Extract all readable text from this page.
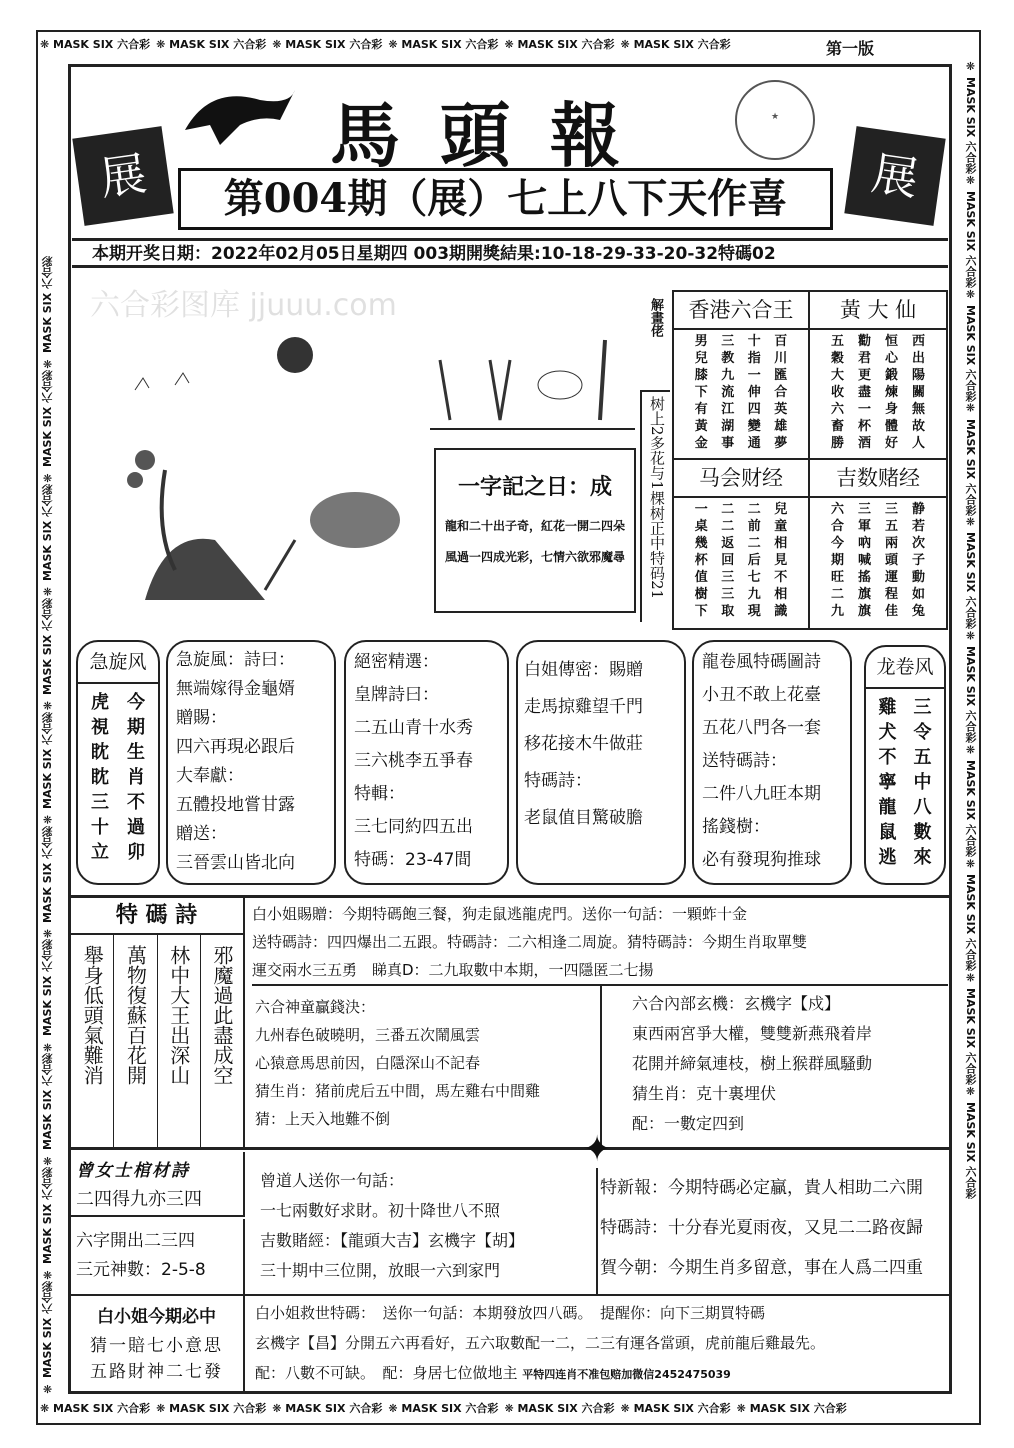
❋ MASK SIX 六合彩 ❋ MASK SIX 六合彩 ❋ MASK SIX 六合彩 ❋ MASK SIX 六合彩 ❋ MASK SIX 六合彩 ❋ MASK SIX 六合彩
❋ MASK SIX 六合彩 ❋ MASK SIX 六合彩 ❋ MASK SIX 六合彩 ❋ MASK SIX 六合彩 ❋ MASK SIX 六合彩 ❋ MASK SIX 六合彩 ❋ MASK SIX 六合彩
❋ MASK SIX 六合彩❋ MASK SIX 六合彩❋ MASK SIX 六合彩❋ MASK SIX 六合彩❋ MASK SIX 六合彩❋ MASK SIX 六合彩❋ MASK SIX 六合彩❋ MASK SIX 六合彩❋ MASK SIX 六合彩❋ MASK SIX 六合彩
❋ MASK SIX 六合彩❋ MASK SIX 六合彩❋ MASK SIX 六合彩❋ MASK SIX 六合彩❋ MASK SIX 六合彩❋ MASK SIX 六合彩❋ MASK SIX 六合彩❋ MASK SIX 六合彩❋ MASK SIX 六合彩❋ MASK SIX 六合彩
第一版
馬頭報	★
展	展
第004期（展）七上八下天作喜
本期开奖日期：2022年02月05日星期四 003期開獎結果:10-18-29-33-20-32特碼02
六合彩图库 jjuuu.com
一字記之日：成
龍和二十出子奇，紅花一開二四朵
風過一四成光彩，七情六欲邪魔尋
解畫佬
树上2多花与1棵树正中特码21
香港六合王
男	三	十	百
兒	教	指	川
膝	九	一	匯
下	流	伸	合
有	江	四	英
黃	湖	變	雄
金	事	通	夢
黃 大 仙
五	勸	恒	西
穀	君	心	出
大	更	鍛	陽
收	盡	煉	關
六	一	身	無
畜	杯	體	故
勝	酒	好	人
马会财经
一	二	二	兒
桌	二	前	童
幾	返	二	相
杯	回	后	見
值	三	七	不
樹	三	九	相
下	取	現	識
吉数赌经
六	三	三	静
合	軍	五	若
今	吶	兩	次
期	喊	頭	子
旺	搖	運	動
二	旗	程	如
九	旗	佳	兔
急旋风
虎	今
視	期
眈	生
眈	肖
三	不
十	過
立	卯
急旋風：詩曰：
無端嫁得金龜婿
贈賜：
四六再現必跟后
大奉獻：
五體投地嘗甘露
贈送：
三晉雲山皆北向
絕密精選：
皇牌詩曰：
二五山青十水秀
三六桃李五爭春
特輯：
三七同約四五出
特碼：23-47間
白姐傳密：賜贈
走馬掠雞望千門
移花接木牛做莊
特碼詩：
老鼠值目驚破膽
龍卷風特碼圖詩
小丑不敢上花臺
五花八門各一套
送特碼詩：
二件八九旺本期
搖錢樹：
必有發現狗推球
龙卷风
雞 三
犬 令
不 五
寧 中
龍 八
鼠 數
逃 來
特 碼 詩
舉身低頭氣難消 萬物復蘇百花開 林中大王出深山 邪魔過此盡成空
白小姐賜贈：今期特碼飽三餐，狗走鼠逃龍虎門。送你一句話：一顆蚱十金
送特碼詩：四四爆出二五跟。特碼詩：二六相逢二周旋。猜特碼詩：今期生肖取單雙
運交兩水三五勇　睇真D：二九取數中本期，一四隱匿二七揚
六合神童贏錢決：
九州春色破曉明，三番五次鬧風雲
心猿意馬思前因，白隱深山不記春
猜生肖：猪前虎后五中間，馬左雞右中間雞
猜：上天入地難不倒
六合內部玄機：玄機字【戍】
東西兩宮爭大權，雙雙新燕飛着岸
花開并締氣連枝，樹上猴群風騷動
猜生肖：克十裏埋伏
配：一數定四到
✦
曾女士棺材詩
二四得九亦三四
六字開出二三四
三元神數：2-5-8
曾道人送你一句話：
一七兩數好求財。初十降世八不照
吉數賭經：【龍頭大吉】玄機字【胡】
三十期中三位開，放眼一六到家門
特新報：今期特碼必定贏，貴人相助二六開
特碼詩：十分春光夏雨夜，又見二二路夜歸
賀今朝：今期生肖多留意，事在人爲二四重
白小姐今期必中
猜一賠七小意思
五路財神二七發
白小姐救世特碼：　送你一句話：本期發放四八碼。　提醒你：向下三期買特碼
玄機字【昌】分開五六再看好，五六取數配一二，二三有運各當頭，虎前龍后雞最先。
配：八數不可缺。　配：身居七位做地主 平特四连肖不准包赔加微信2452475039
